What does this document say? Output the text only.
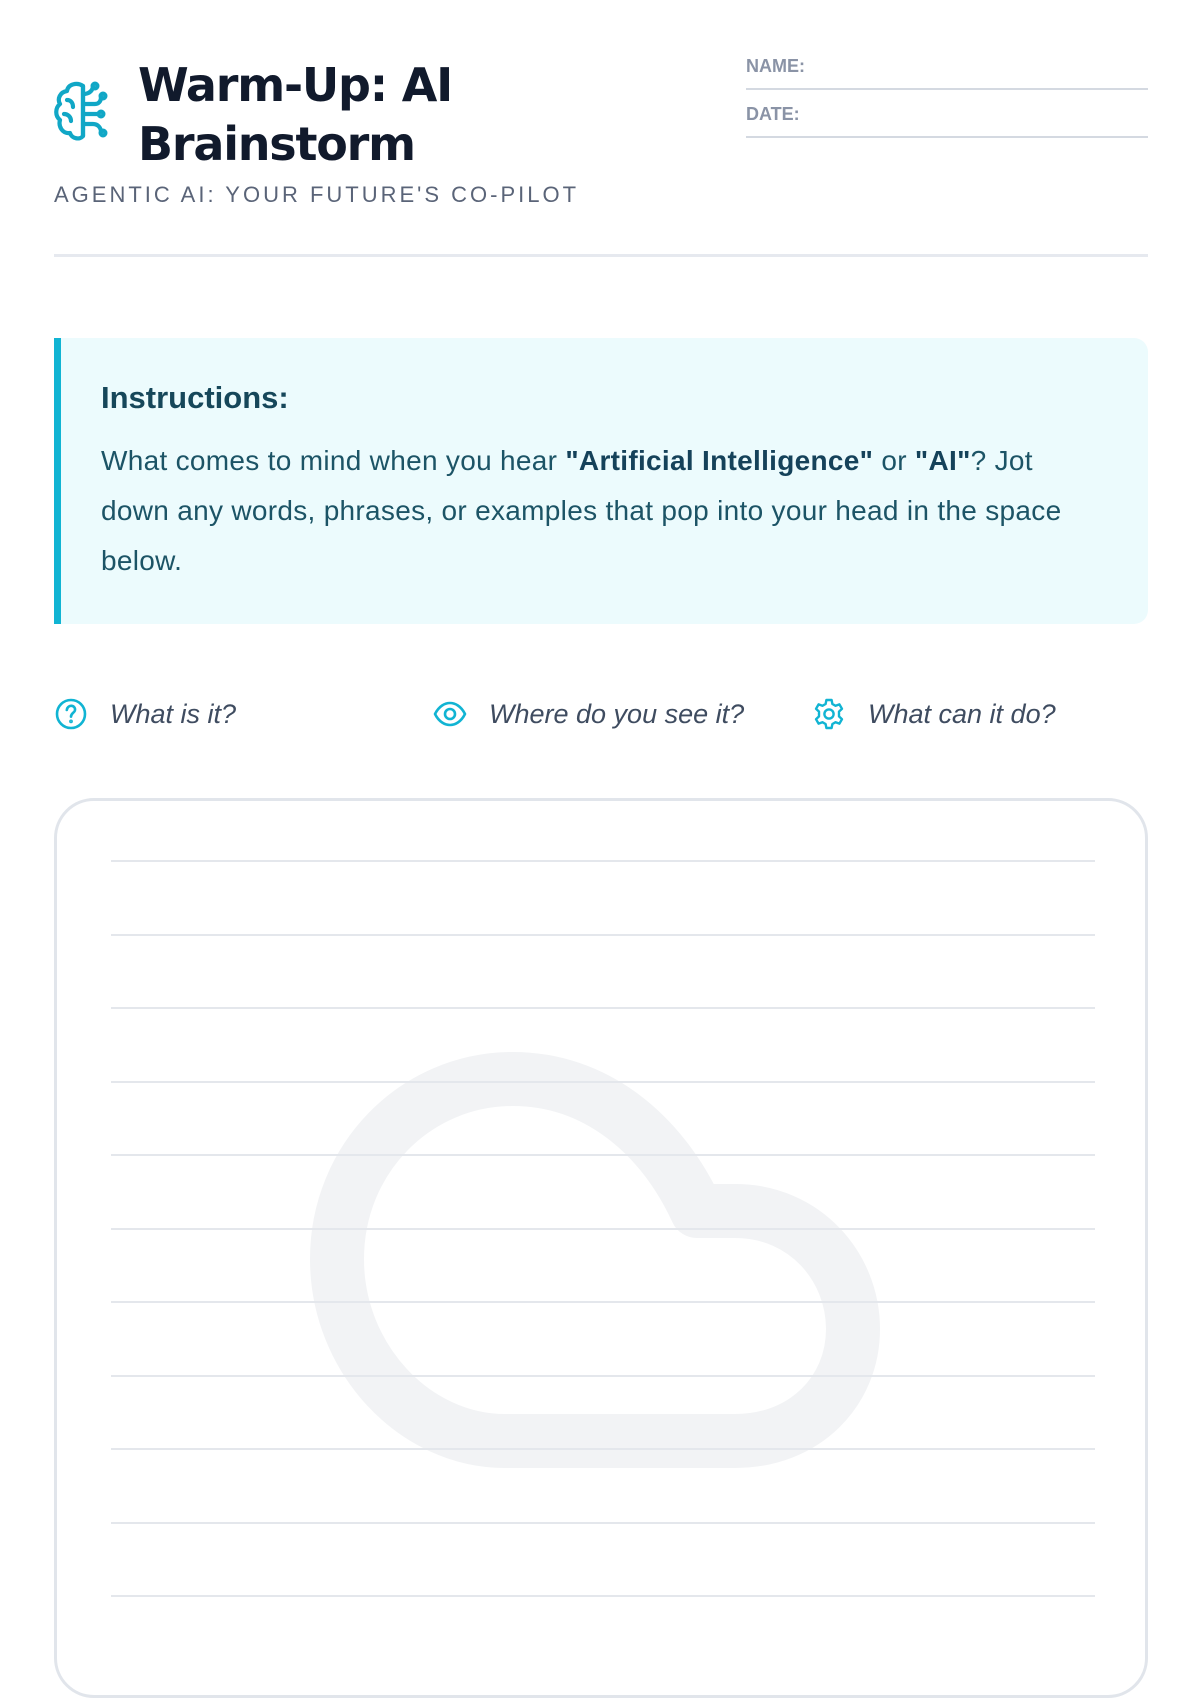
Warm-Up: AI
Brainstorm
AGENTIC AI: YOUR FUTURE'S CO-PILOT
NAME:
DATE:
Instructions:
What comes to mind when you hear "Artificial Intelligence" or "AI"? Jot down any words, phrases, or examples that pop into your head in the space below.
What is it?	Where do you see it?	What can it do?
